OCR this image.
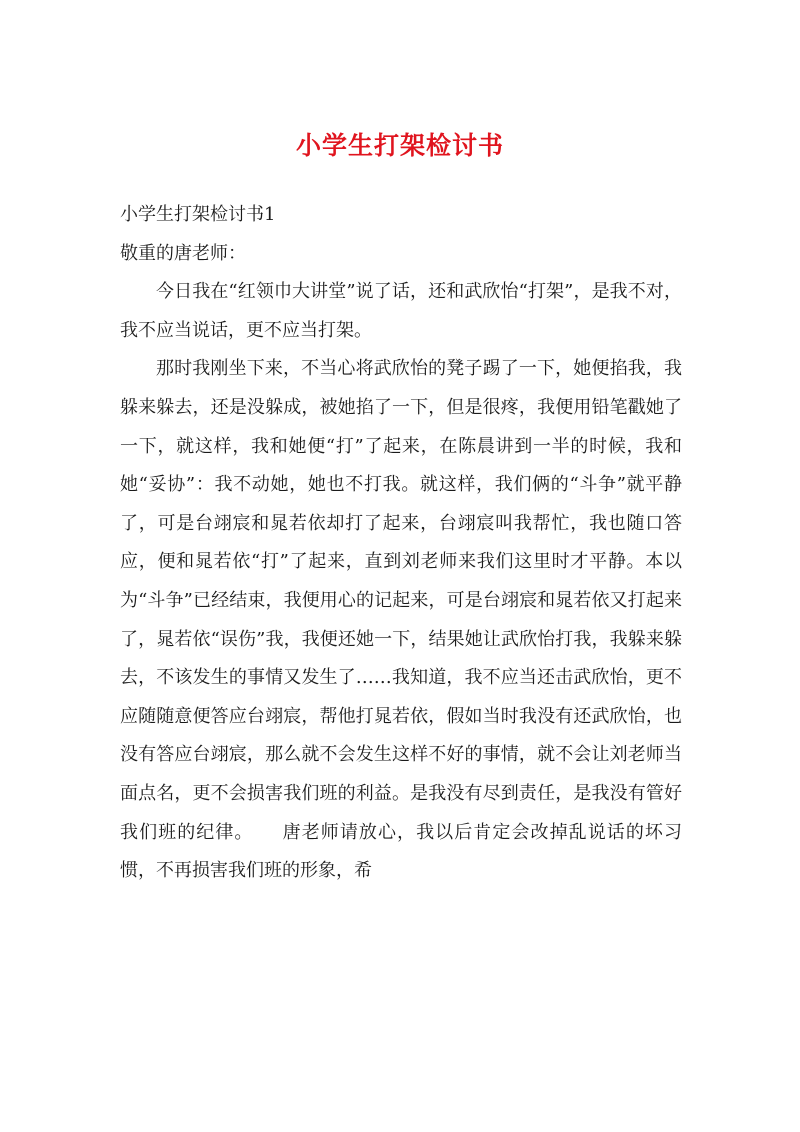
小学生打架检讨书

小学生打架检讨书1

敬重的唐老师：

今日我在“红领巾大讲堂”说了话，还和武欣怡“打架”，是我不对，我不应当说话，更不应当打架。

那时我刚坐下来，不当心将武欣怡的凳子踢了一下，她便掐我，我躲来躲去，还是没躲成，被她掐了一下，但是很疼，我便用铅笔戳她了一下，就这样，我和她便“打”了起来，在陈晨讲到一半的时候，我和她“妥协”：我不动她，她也不打我。就这样，我们俩的“斗争”就平静了，可是台翊宸和晁若依却打了起来，台翊宸叫我帮忙，我也随口答应，便和晁若依“打”了起来，直到刘老师来我们这里时才平静。本以为“斗争”已经结束，我便用心的记起来，可是台翊宸和晁若依又打起来了，晁若依“误伤”我，我便还她一下，结果她让武欣怡打我，我躲来躲去，不该发生的事情又发生了……我知道，我不应当还击武欣怡，更不应随随意便答应台翊宸，帮他打晁若依，假如当时我没有还武欣怡，也没有答应台翊宸，那么就不会发生这样不好的事情，就不会让刘老师当面点名，更不会损害我们班的利益。是我没有尽到责任，是我没有管好我们班的纪律。　　唐老师请放心，我以后肯定会改掉乱说话的坏习惯，不再损害我们班的形象，希
